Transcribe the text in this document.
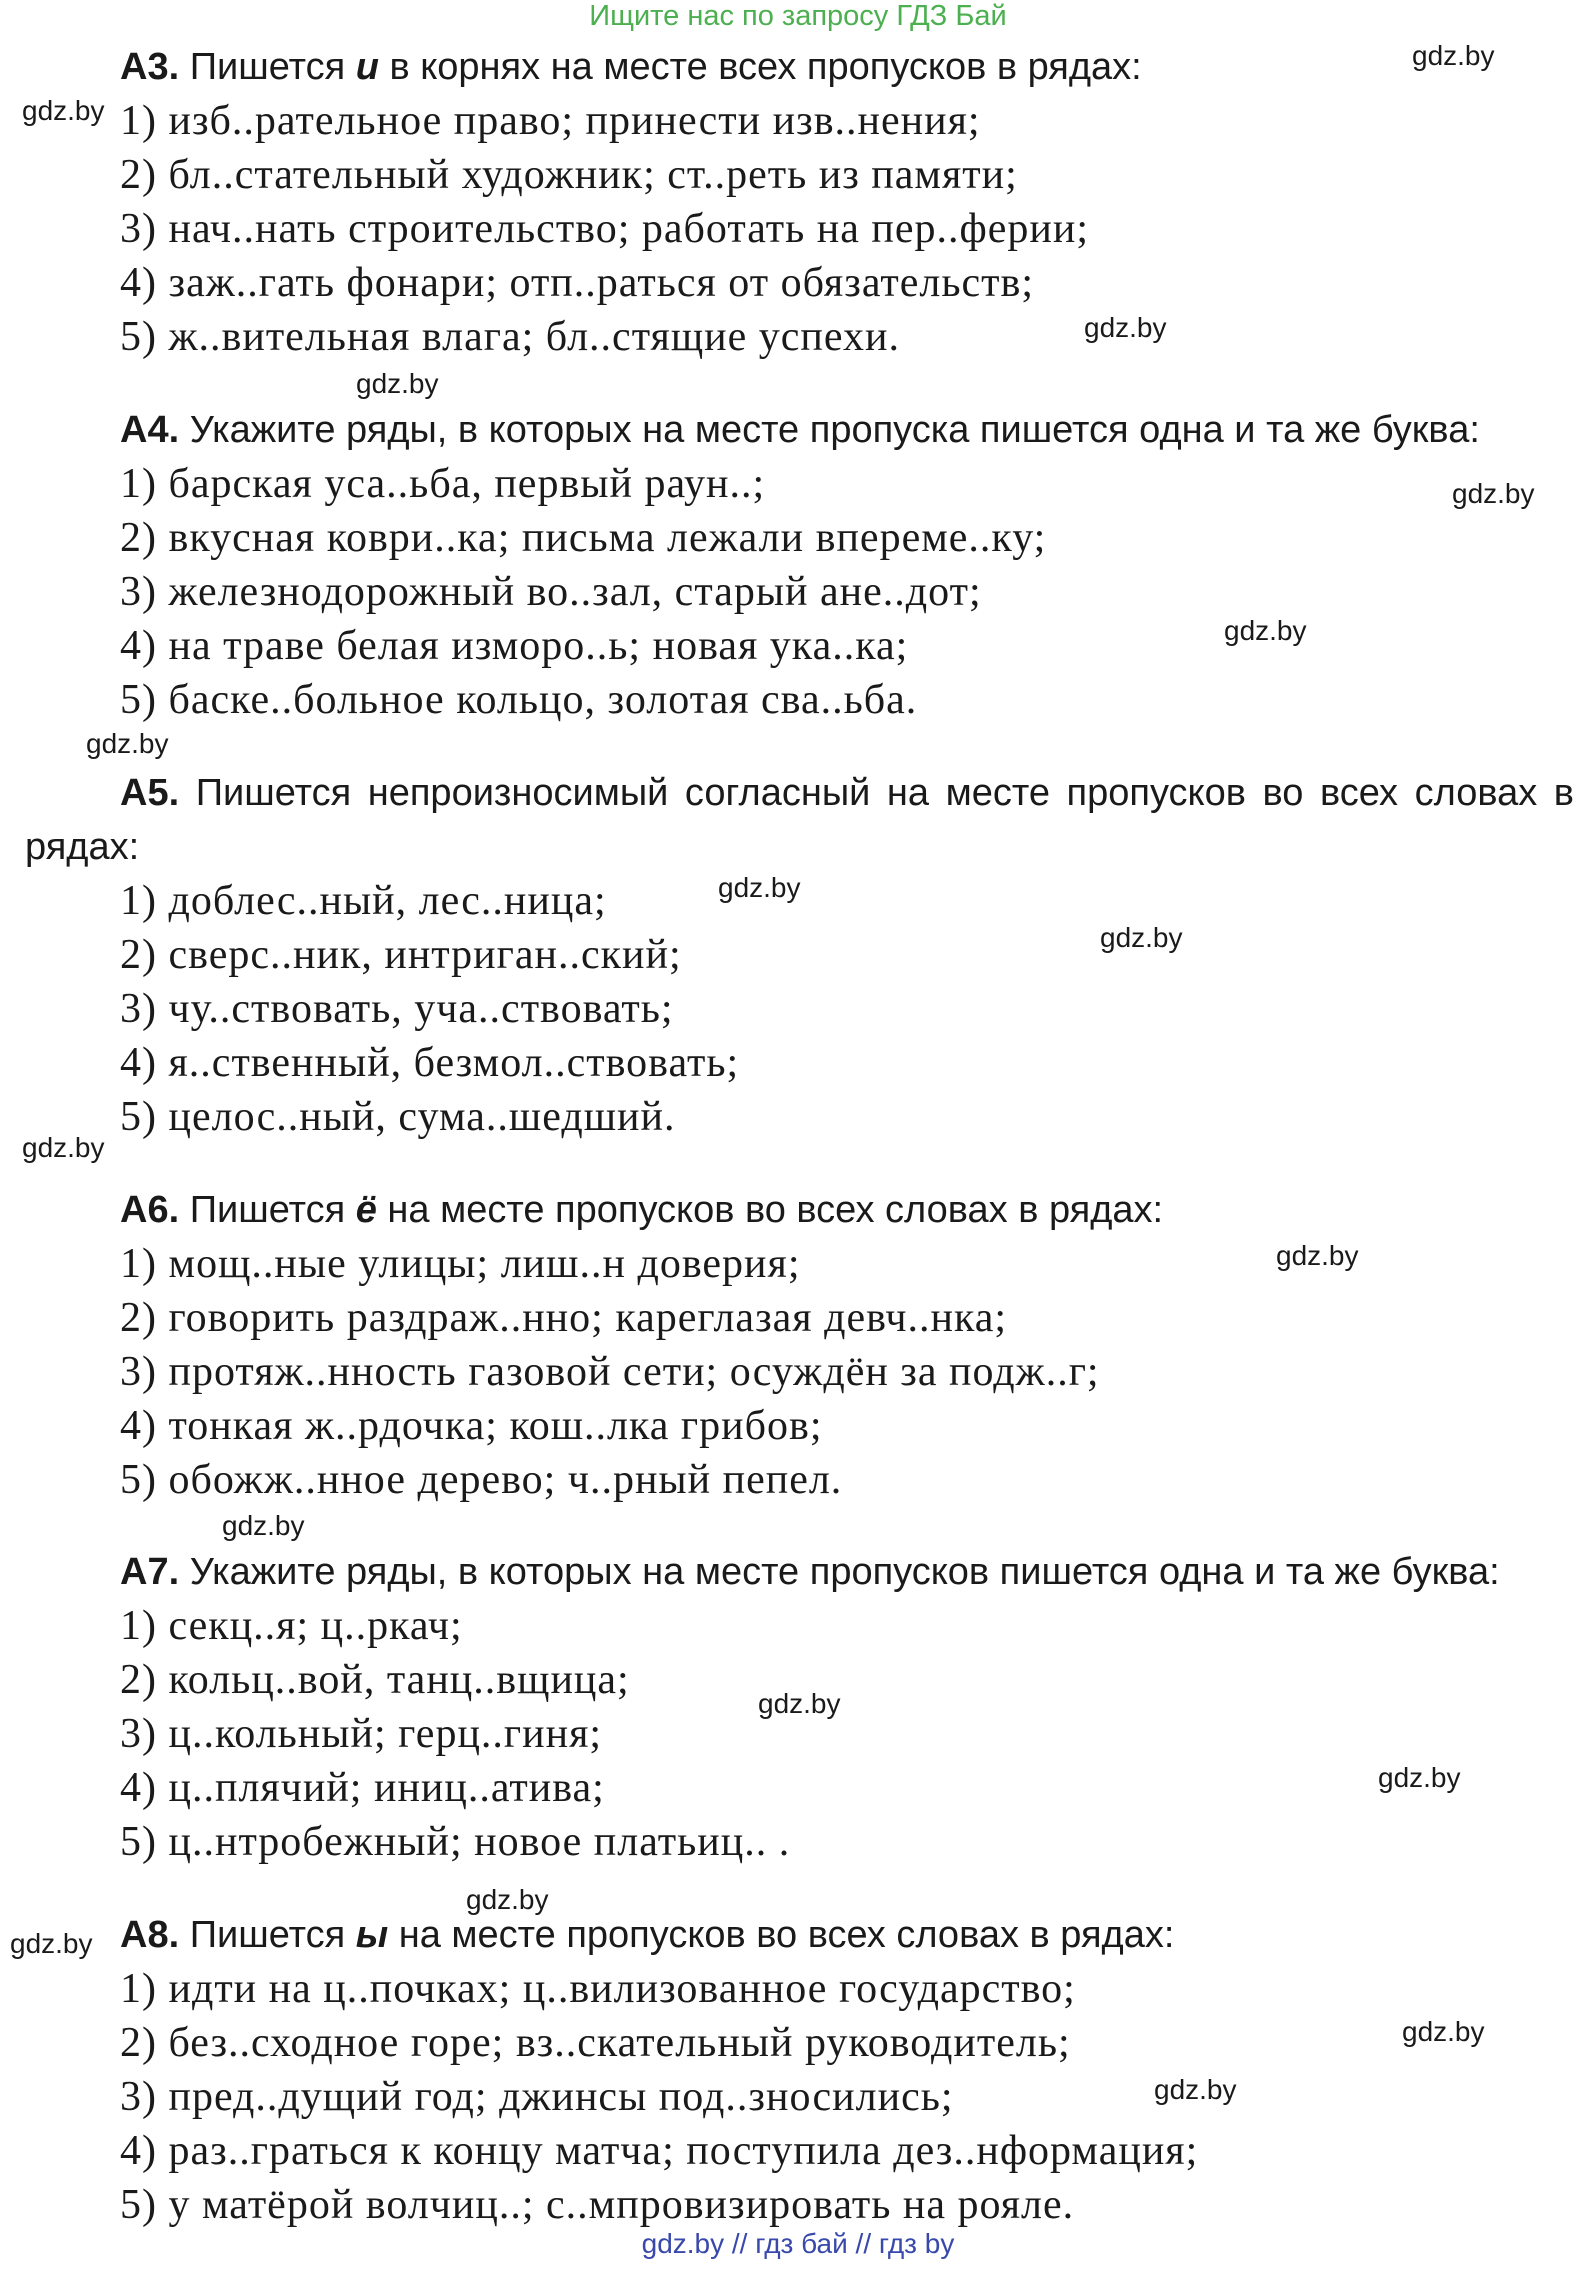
Ищите нас по запросу ГДЗ Бай
А3. Пишется и в корнях на месте всех пропусков в рядах:
1) изб..рательное право; принести изв..нения;
2) бл..стательный художник; ст..реть из памяти;
3) нач..нать строительство; работать на пер..ферии;
4) заж..гать фонари; отп..раться от обязательств;
5) ж..вительная влага; бл..стящие успехи.
А4. Укажите ряды, в которых на месте пропуска пишется одна и та же буква:
1) барская уса..ьба, первый раун..;
2) вкусная коври..ка; письма лежали впереме..ку;
3) железнодорожный во..зал, старый ане..дот;
4) на траве белая изморо..ь; новая ука..ка;
5) баске..больное кольцо, золотая сва..ьба.
А5. Пишется непроизносимый согласный на месте пропусков во всех словах в рядах:
1) доблес..ный, лес..ница;
2) сверс..ник, интриган..ский;
3) чу..ствовать, уча..ствовать;
4) я..ственный, безмол..ствовать;
5) целос..ный, сума..шедший.
А6. Пишется ё на месте пропусков во всех словах в рядах:
1) мощ..ные улицы; лиш..н доверия;
2) говорить раздраж..нно; кареглазая девч..нка;
3) протяж..нность газовой сети; осуждён за подж..г;
4) тонкая ж..рдочка; кош..лка грибов;
5) обожж..нное дерево; ч..рный пепел.
А7. Укажите ряды, в которых на месте пропусков пишется одна и та же буква:
1) секц..я; ц..ркач;
2) кольц..вой, танц..вщица;
3) ц..кольный; герц..гиня;
4) ц..плячий; иниц..атива;
5) ц..нтробежный; новое платьиц.. .
А8. Пишется ы на месте пропусков во всех словах в рядах:
1) идти на ц..почках; ц..вилизованное государство;
2) без..сходное горе; вз..скательный руководитель;
3) пред..дущий год; джинсы под..зносились;
4) раз..граться к концу матча; поступила дез..нформация;
5) у матёрой волчиц..; с..мпровизировать на рояле.
gdz.by
gdz.by
gdz.by
gdz.by
gdz.by
gdz.by
gdz.by
gdz.by
gdz.by
gdz.by
gdz.by
gdz.by
gdz.by
gdz.by
gdz.by
gdz.by
gdz.by
gdz.by
gdz.by // гдз бай // гдз by
